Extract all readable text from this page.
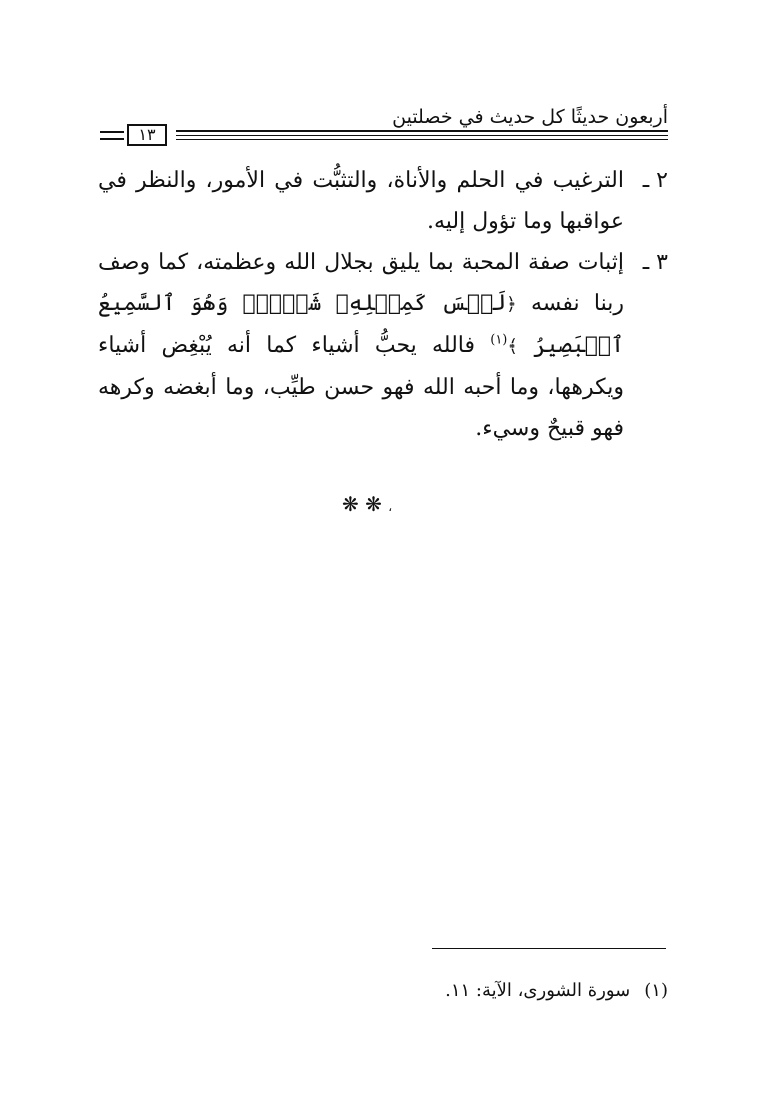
أربعون حديثًا كل حديث في خصلتين
١٣
٢ ـ
الترغيب في الحلم والأناة، والتثبُّت في الأمور، والنظر في عواقبها وما تؤول إليه.
٣ ـ
إثبات صفة المحبة بما يليق بجلال الله وعظمته، كما وصف ربنا نفسه ﴿لَيۡسَ كَمِثۡلِهِۦ شَيۡءٞۖ وَهُوَ ٱلسَّمِيعُ ٱلۡبَصِيرُ ﴾$^{(١)}$ فالله يحبُّ أشياء كما أنه يُبْغِض أشياء ويكرهها، وما أحبه الله فهو حسن طيِّب، وما أبغضه وكرهه فهو قبيحٌ وسيء.
❋ ❋ ،
(١)سورة الشورى، الآية: ١١.
